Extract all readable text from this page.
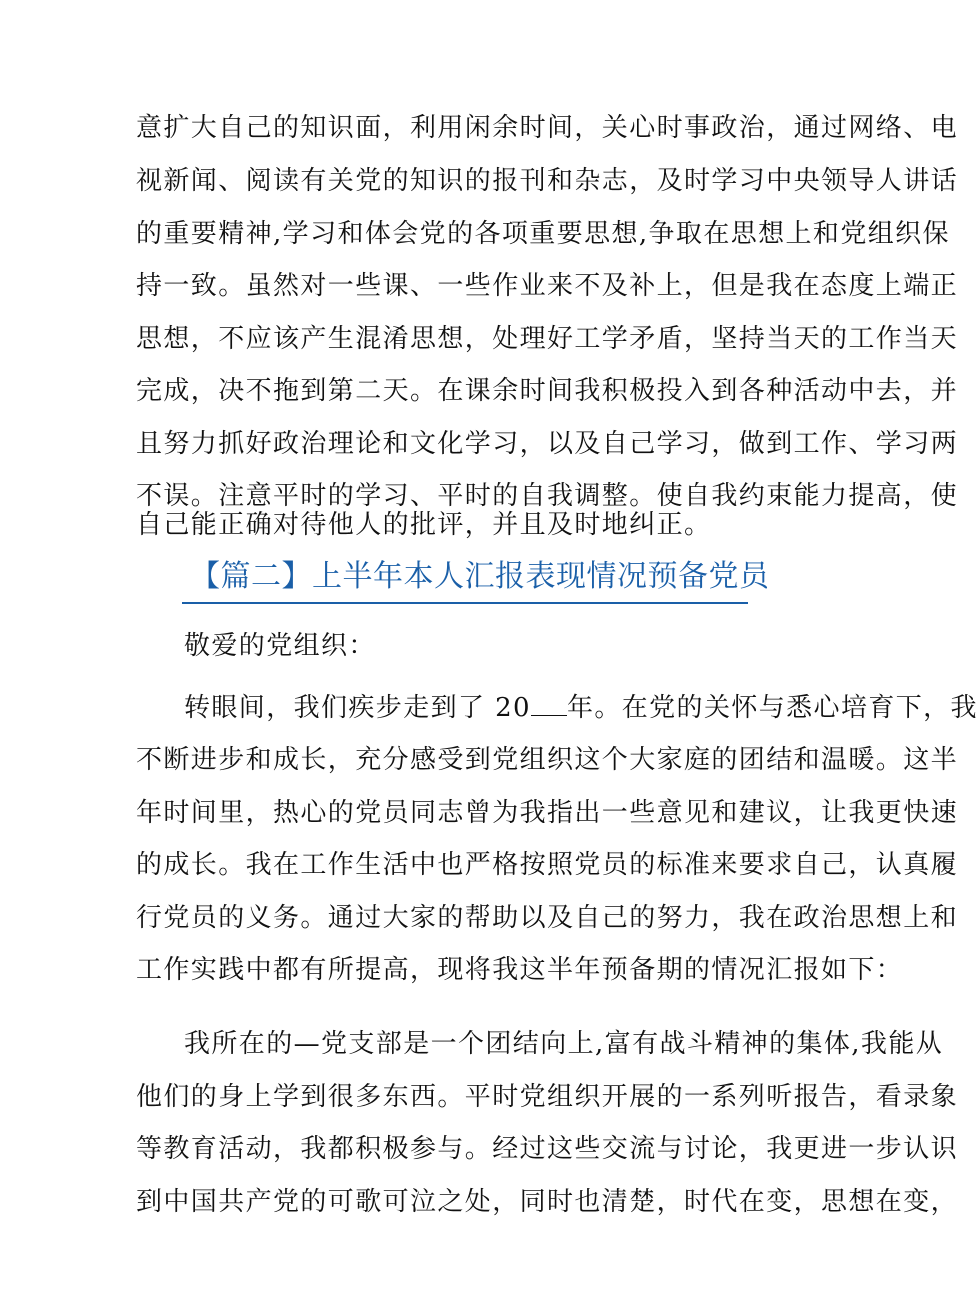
意扩大自己的知识面，利用闲余时间，关心时事政治，通过网络、电
视新闻、阅读有关党的知识的报刊和杂志，及时学习中央领导人讲话
的重要精神,学习和体会党的各项重要思想,争取在思想上和党组织保
持一致。虽然对一些课、一些作业来不及补上，但是我在态度上端正
思想，不应该产生混淆思想，处理好工学矛盾，坚持当天的工作当天
完成，决不拖到第二天。在课余时间我积极投入到各种活动中去，并
且努力抓好政治理论和文化学习，以及自己学习，做到工作、学习两
不误。注意平时的学习、平时的自我调整。使自我约束能力提高，使
自己能正确对待他人的批评，并且及时地纠正。
【篇二】上半年本人汇报表现情况预备党员
敬爱的党组织：
转眼间，我们疾步走到了 20 年。在党的关怀与悉心培育下，我
不断进步和成长，充分感受到党组织这个大家庭的团结和温暖。这半
年时间里，热心的党员同志曾为我指出一些意见和建议，让我更快速
的成长。我在工作生活中也严格按照党员的标准来要求自己，认真履
行党员的义务。通过大家的帮助以及自己的努力，我在政治思想上和
工作实践中都有所提高，现将我这半年预备期的情况汇报如下：
我所在的—党支部是一个团结向上,富有战斗精神的集体,我能从
他们的身上学到很多东西。平时党组织开展的一系列听报告，看录象
等教育活动，我都积极参与。经过这些交流与讨论，我更进一步认识
到中国共产党的可歌可泣之处，同时也清楚，时代在变，思想在变，
